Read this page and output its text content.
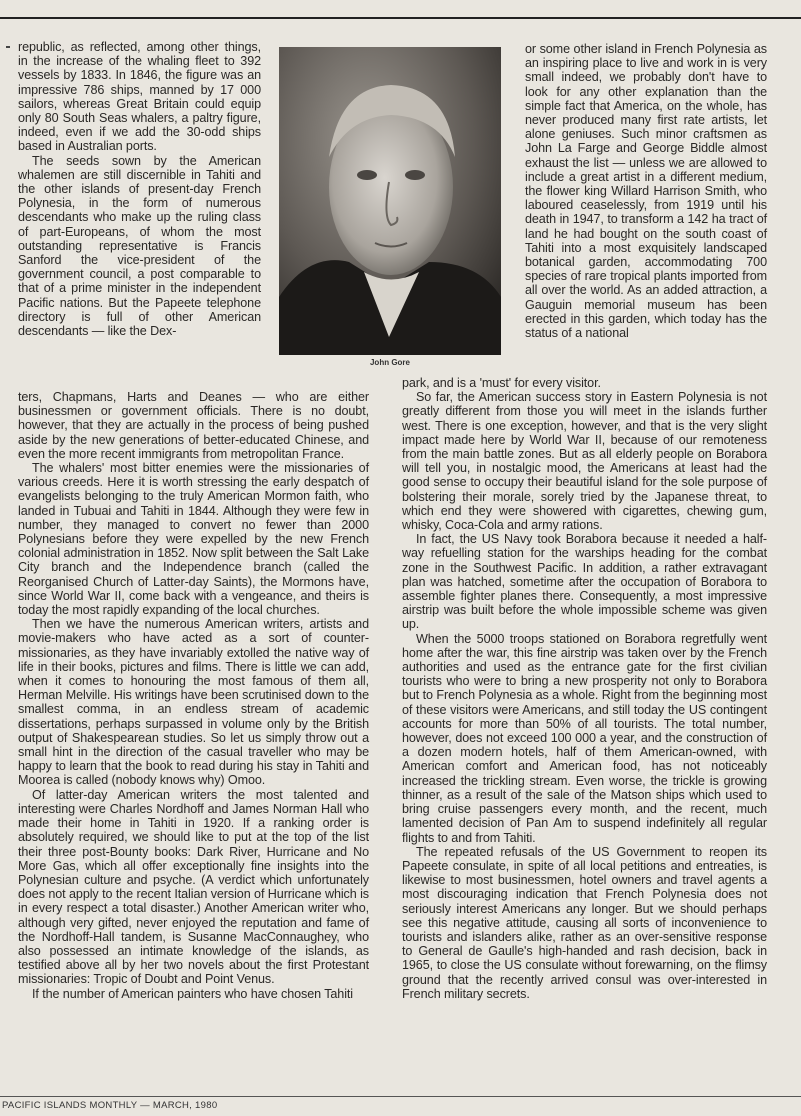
republic, as reflected, among other things, in the increase of the whaling fleet to 392 vessels by 1833. In 1846, the figure was an impressive 786 ships, manned by 17 000 sailors, whereas Great Britain could equip only 80 South Seas whalers, a paltry figure, indeed, even if we add the 30-odd ships based in Australian ports.

The seeds sown by the American whalemen are still discernible in Tahiti and the other islands of present-day French Polynesia, in the form of numerous descendants who make up the ruling class of part-Europeans, of whom the most outstanding representative is Francis Sanford the vice-president of the government council, a post comparable to that of a prime minister in the independent Pacific nations. But the Papeete telephone directory is full of other American descendants — like the Dex-

John Gore

or some other island in French Polynesia as an inspiring place to live and work in is very small indeed, we probably don't have to look for any other explanation than the simple fact that America, on the whole, has never produced many first rate artists, let alone geniuses. Such minor craftsmen as John La Farge and George Biddle almost exhaust the list — unless we are allowed to include a great artist in a different medium, the flower king Willard Harrison Smith, who laboured ceaselessly, from 1919 until his death in 1947, to transform a 142 ha tract of land he had bought on the south coast of Tahiti into a most exquisitely landscaped botanical garden, accommodating 700 species of rare tropical plants imported from all over the world. As an added attraction, a Gauguin memorial museum has been erected in this garden, which today has the status of a national

ters, Chapmans, Harts and Deanes — who are either businessmen or government officials. There is no doubt, however, that they are actually in the process of being pushed aside by the new generations of better-educated Chinese, and even the more recent immigrants from metropolitan France.

The whalers' most bitter enemies were the missionaries of various creeds. Here it is worth stressing the early despatch of evangelists belonging to the truly American Mormon faith, who landed in Tubuai and Tahiti in 1844. Although they were few in number, they managed to convert no fewer than 2000 Polynesians before they were expelled by the new French colonial administration in 1852. Now split between the Salt Lake City branch and the Independence branch (called the Reorganised Church of Latter-day Saints), the Mormons have, since World War II, come back with a vengeance, and theirs is today the most rapidly expanding of the local churches.

Then we have the numerous American writers, artists and movie-makers who have acted as a sort of counter-missionaries, as they have invariably extolled the native way of life in their books, pictures and films. There is little we can add, when it comes to honouring the most famous of them all, Herman Melville. His writings have been scrutinised down to the smallest comma, in an endless stream of academic dissertations, perhaps surpassed in volume only by the British output of Shakespearean studies. So let us simply throw out a small hint in the direction of the casual traveller who may be happy to learn that the book to read during his stay in Tahiti and Moorea is called (nobody knows why) Omoo.

Of latter-day American writers the most talented and interesting were Charles Nordhoff and James Norman Hall who made their home in Tahiti in 1920. If a ranking order is absolutely required, we should like to put at the top of the list their three post-Bounty books: Dark River, Hurricane and No More Gas, which all offer exceptionally fine insights into the Polynesian culture and psyche. (A verdict which unfortunately does not apply to the recent Italian version of Hurricane which is in every respect a total disaster.) Another American writer who, although very gifted, never enjoyed the reputation and fame of the Nordhoff-Hall tandem, is Susanne MacConnaughey, who also possessed an intimate knowledge of the islands, as testified above all by her two novels about the first Protestant missionaries: Tropic of Doubt and Point Venus.

If the number of American painters who have chosen Tahiti

park, and is a 'must' for every visitor.

So far, the American success story in Eastern Polynesia is not greatly different from those you will meet in the islands further west. There is one exception, however, and that is the very slight impact made here by World War II, because of our remoteness from the main battle zones. But as all elderly people on Borabora will tell you, in nostalgic mood, the Americans at least had the good sense to occupy their beautiful island for the sole purpose of bolstering their morale, sorely tried by the Japanese threat, to which end they were showered with cigarettes, chewing gum, whisky, Coca-Cola and army rations.

In fact, the US Navy took Borabora because it needed a half-way refuelling station for the warships heading for the combat zone in the Southwest Pacific. In addition, a rather extravagant plan was hatched, sometime after the occupation of Borabora to assemble fighter planes there. Consequently, a most impressive airstrip was built before the whole impossible scheme was given up.

When the 5000 troops stationed on Borabora regretfully went home after the war, this fine airstrip was taken over by the French authorities and used as the entrance gate for the first civilian tourists who were to bring a new prosperity not only to Borabora but to French Polynesia as a whole. Right from the beginning most of these visitors were Americans, and still today the US contingent accounts for more than 50% of all tourists. The total number, however, does not exceed 100 000 a year, and the construction of a dozen modern hotels, half of them American-owned, with American comfort and American food, has not noticeably increased the trickling stream. Even worse, the trickle is growing thinner, as a result of the sale of the Matson ships which used to bring cruise passengers every month, and the recent, much lamented decision of Pan Am to suspend indefinitely all regular flights to and from Tahiti.

The repeated refusals of the US Government to reopen its Papeete consulate, in spite of all local petitions and entreaties, is likewise to most businessmen, hotel owners and travel agents a most discouraging indication that French Polynesia does not seriously interest Americans any longer. But we should perhaps see this negative attitude, causing all sorts of inconvenience to tourists and islanders alike, rather as an over-sensitive response to General de Gaulle's high-handed and rash decision, back in 1965, to close the US consulate without forewarning, on the flimsy ground that the recently arrived consul was over-interested in French military secrets.

PACIFIC ISLANDS MONTHLY — MARCH, 1980
